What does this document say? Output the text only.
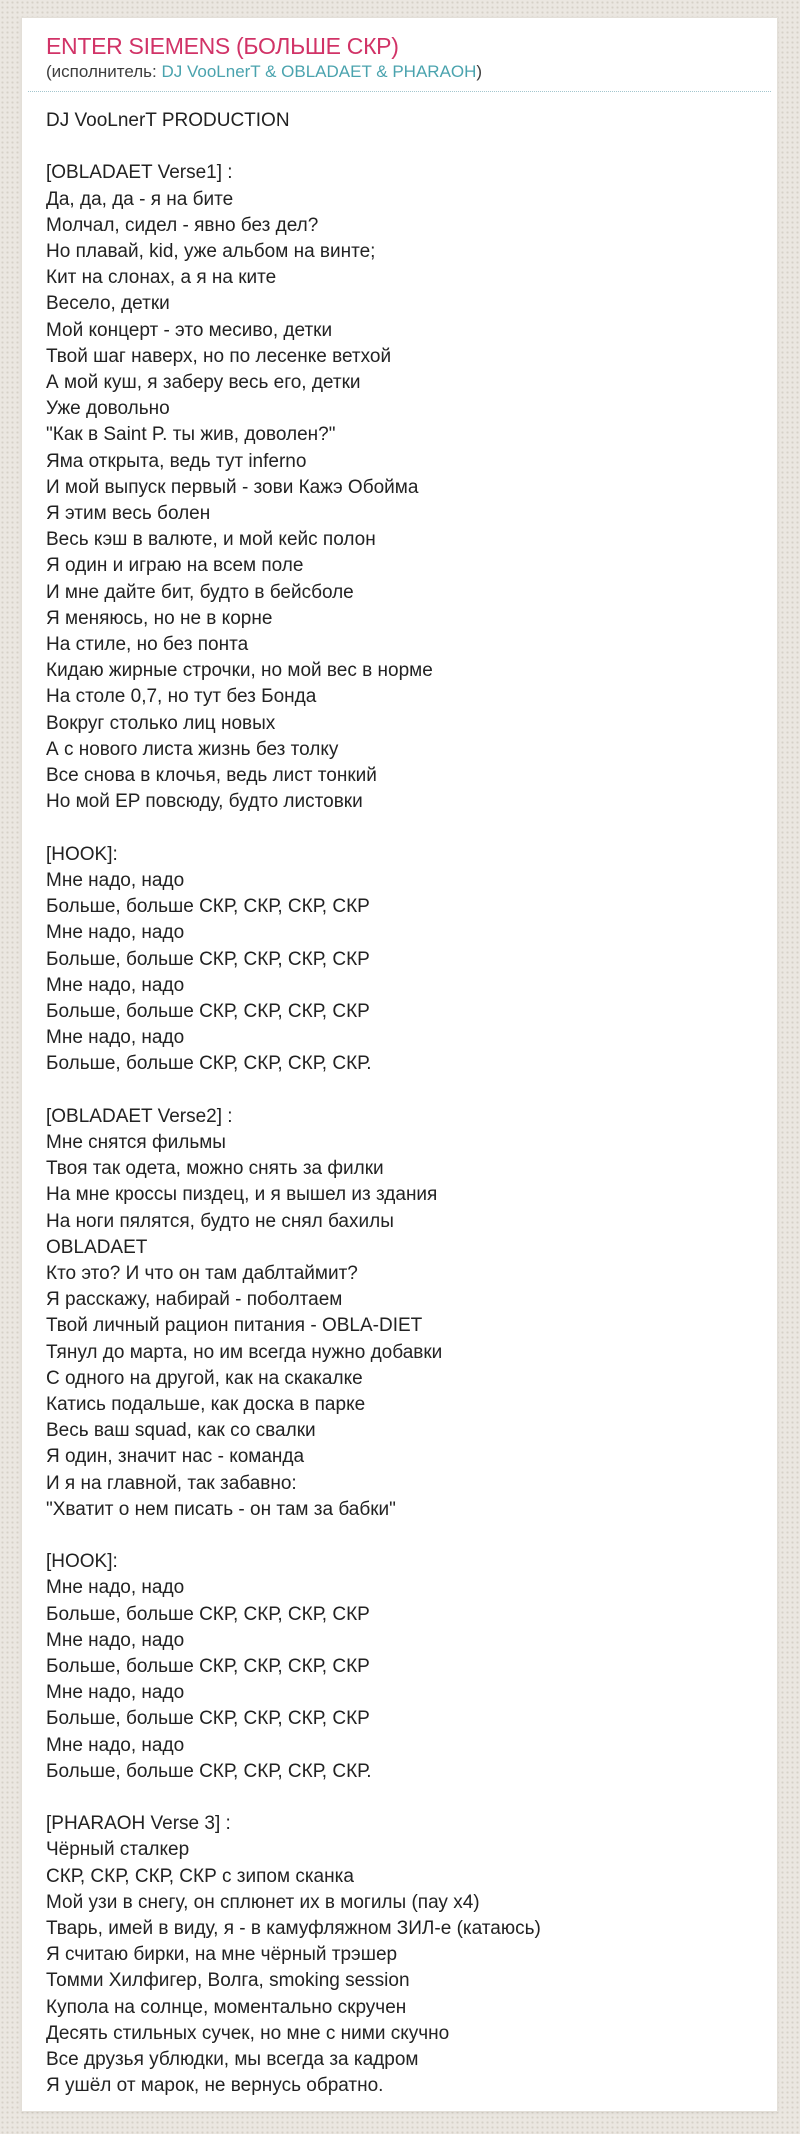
ENTER SIEMENS (БОЛЬШЕ СКР)
(исполнитель: DJ VooLnerT & OBLADAET & PHARAOH)
DJ VooLnerT PRODUCTION

[OBLADAET Verse1] :
Да, да, да - я на бите
Молчал, сидел - явно без дел?
Но плавай, kid, уже альбом на винте;
Кит на слонах, а я на ките
Весело, детки
Мой концерт - это месиво, детки
Твой шаг наверх, но по лесенке ветхой
А мой куш, я заберу весь его, детки
Уже довольно
"Как в Saint P. ты жив, доволен?"
Яма открыта, ведь тут inferno
И мой выпуск первый - зови Кажэ Обойма
Я этим весь болен
Весь кэш в валюте, и мой кейс полон
Я один и играю на всем поле
И мне дайте бит, будто в бейсболе
Я меняюсь, но не в корне
На стиле, но без понта
Кидаю жирные строчки, но мой вес в норме
На столе 0,7, но тут без Бонда
Вокруг столько лиц новых
А с нового листа жизнь без толку
Все снова в клочья, ведь лист тонкий
Но мой EP повсюду, будто листовки

[HOOK]:
Мне надо, надо
Больше, больше СКР, СКР, СКР, СКР
Мне надо, надо
Больше, больше СКР, СКР, СКР, СКР
Мне надо, надо
Больше, больше СКР, СКР, СКР, СКР
Мне надо, надо
Больше, больше СКР, СКР, СКР, СКР.

[OBLADAET Verse2] :
Мне снятся фильмы
Твоя так одета, можно снять за филки
На мне кроссы пиздец, и я вышел из здания
На ноги пялятся, будто не снял бахилы
OBLADAET
Кто это? И что он там даблтаймит?
Я расскажу, набирай - поболтаем
Твой личный рацион питания - OBLA-DIET
Тянул до марта, но им всегда нужно добавки
С одного на другой, как на скакалке
Катись подальше, как доска в парке
Весь ваш squad, как со свалки
Я один, значит нас - команда
И я на главной, так забавно:
"Хватит о нем писать - он там за бабки"

[HOOK]:
Мне надо, надо
Больше, больше СКР, СКР, СКР, СКР
Мне надо, надо
Больше, больше СКР, СКР, СКР, СКР
Мне надо, надо
Больше, больше СКР, СКР, СКР, СКР
Мне надо, надо
Больше, больше СКР, СКР, СКР, СКР.

[PHARAOH Verse 3] :
Чёрный сталкер
СКР, СКР, СКР, СКР с зипом сканка
Мой узи в снегу, он сплюнет их в могилы (пау x4)
Тварь, имей в виду, я - в камуфляжном ЗИЛ-е (катаюсь)
Я считаю бирки, на мне чёрный трэшер
Томми Хилфигер, Волга, smoking session
Купола на солнце, моментально скручен
Десять стильных сучек, но мне с ними скучно
Все друзья ублюдки, мы всегда за кадром
Я ушёл от марок, не вернусь обратно.
